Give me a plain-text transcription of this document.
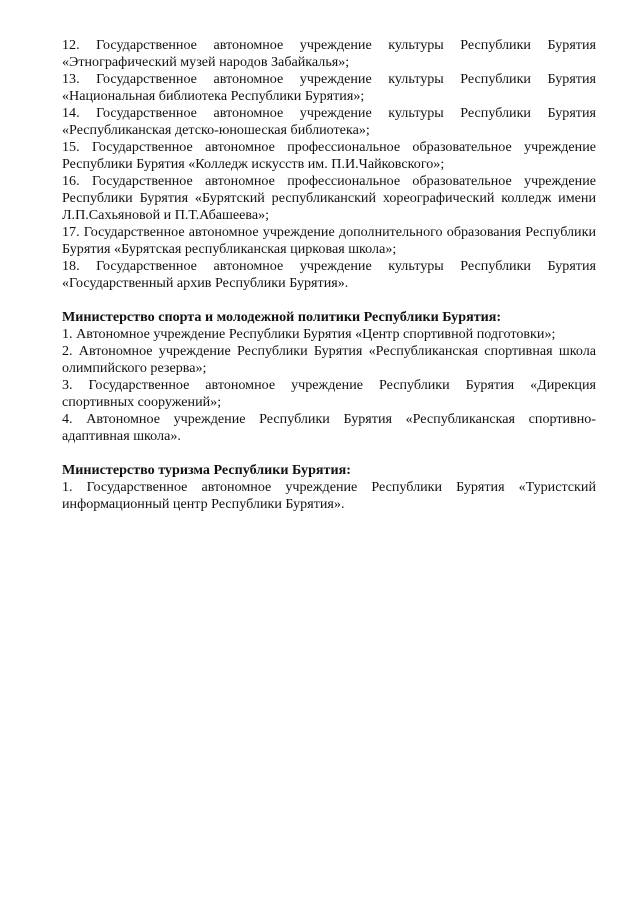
12. Государственное автономное учреждение культуры Республики Бурятия «Этнографический музей народов Забайкалья»;

13. Государственное автономное учреждение культуры Республики Бурятия «Национальная библиотека Республики Бурятия»;

14. Государственное автономное учреждение культуры Республики Бурятия «Республиканская детско-юношеская библиотека»;

15. Государственное автономное профессиональное образовательное учреждение Республики Бурятия «Колледж искусств им. П.И.Чайковского»;

16. Государственное автономное профессиональное образовательное учреждение Республики Бурятия «Бурятский республиканский хореографический колледж имени Л.П.Сахьяновой и П.Т.Абашеева»;

17. Государственное автономное учреждение дополнительного образования Республики Бурятия «Бурятская республиканская цирковая школа»;

18. Государственное автономное учреждение культуры Республики Бурятия «Государственный архив Республики Бурятия».

Министерство спорта и молодежной политики Республики Бурятия:

1. Автономное учреждение Республики Бурятия «Центр спортивной подготовки»;

2. Автономное учреждение Республики Бурятия «Республиканская спортивная школа олимпийского резерва»;

3. Государственное автономное учреждение Республики Бурятия «Дирекция спортивных сооружений»;

4. Автономное учреждение Республики Бурятия «Республиканская спортивно-адаптивная школа».

Министерство туризма Республики Бурятия:

1. Государственное автономное учреждение Республики Бурятия «Туристский информационный центр Республики Бурятия».
